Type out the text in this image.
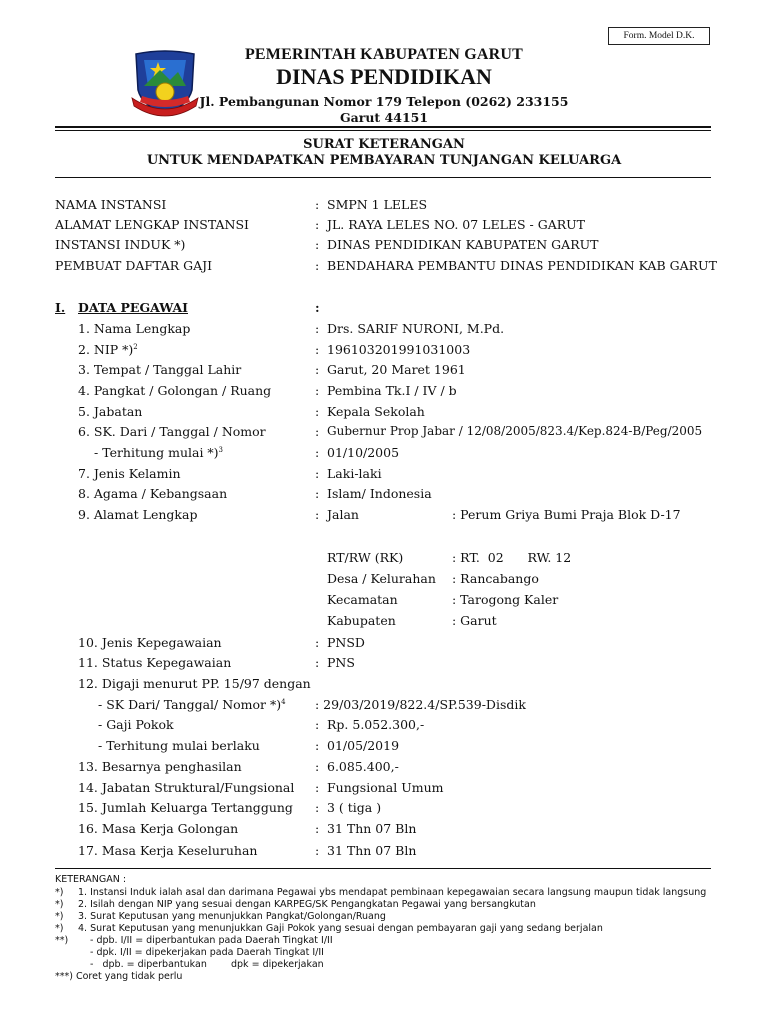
Form. Model D.K.
PEMERINTAH KABUPATEN GARUT
DINAS PENDIDIKAN
Jl. Pembangunan Nomor 179 Telepon (0262) 233155
Garut 44151
SURAT KETERANGAN
UNTUK MENDAPATKAN PEMBAYARAN TUNJANGAN KELUARGA
NAMA INSTANSI	: SMPN 1 LELES
ALAMAT LENGKAP INSTANSI	: JL. RAYA LELES NO. 07 LELES - GARUT
INSTANSI INDUK *)	: DINAS PENDIDIKAN KABUPATEN GARUT
PEMBUAT DAFTAR GAJI	: BENDAHARA PEMBANTU DINAS PENDIDIKAN KAB GARUT
I. DATA PEGAWAI	:
1. Nama Lengkap	: Drs. SARIF NURONI, M.Pd.
2. NIP *)$^2$	: 196103201991031003
3. Tempat / Tanggal Lahir	: Garut, 20 Maret 1961
4. Pangkat / Golongan / Ruang	: Pembina Tk.I / IV / b
5. Jabatan	: Kepala Sekolah
6. SK. Dari / Tanggal / Nomor	: Gubernur Prop Jabar / 12/08/2005/823.4/Kep.824-B/Peg/2005
- Terhitung mulai *)$^3$	: 01/10/2005
7. Jenis Kelamin	: Laki-laki
8. Agama / Kebangsaan	: Islam/ Indonesia
9. Alamat Lengkap	: Jalan	: Perum Griya Bumi Praja Blok D-17
RT/RW (RK)	: RT.  02      RW. 12
Desa / Kelurahan : Rancabango
Kecamatan	: Tarogong Kaler
Kabupaten	: Garut
10. Jenis Kepegawaian	: PNSD
11. Status Kepegawaian	: PNS
12. Digaji menurut PP. 15/97 dengan
- SK Dari/ Tanggal/ Nomor *)$^4$ : 29/03/2019/822.4/SP.539-Disdik
- Gaji Pokok	: Rp. 5.052.300,-
- Terhitung mulai berlaku	: 01/05/2019
13. Besarnya penghasilan	: 6.085.400,-
14. Jabatan Struktural/Fungsional : Fungsional Umum
15. Jumlah Keluarga Tertanggung : 3 ( tiga )
16. Masa Kerja Golongan	: 31 Thn 07 Bln
17. Masa Kerja Keseluruhan	: 31 Thn 07 Bln
KETERANGAN :
*) 1. Instansi Induk ialah asal dan darimana Pegawai ybs mendapat pembinaan kepegawaian secara langsung maupun tidak langsung
*) 2. Isilah dengan NIP yang sesuai dengan KARPEG/SK Pengangkatan Pegawai yang bersangkutan
*) 3. Surat Keputusan yang menunjukkan Pangkat/Golongan/Ruang
*) 4. Surat Keputusan yang menunjukkan Gaji Pokok yang sesuai dengan pembayaran gaji yang sedang berjalan
**) - dpb. I/II = diperbantukan pada Daerah Tingkat I/II
- dpk. I/II = dipekerjakan pada Daerah Tingkat I/II
-   dpb. = diperbantukan        dpk = dipekerjakan
***) Coret yang tidak perlu
